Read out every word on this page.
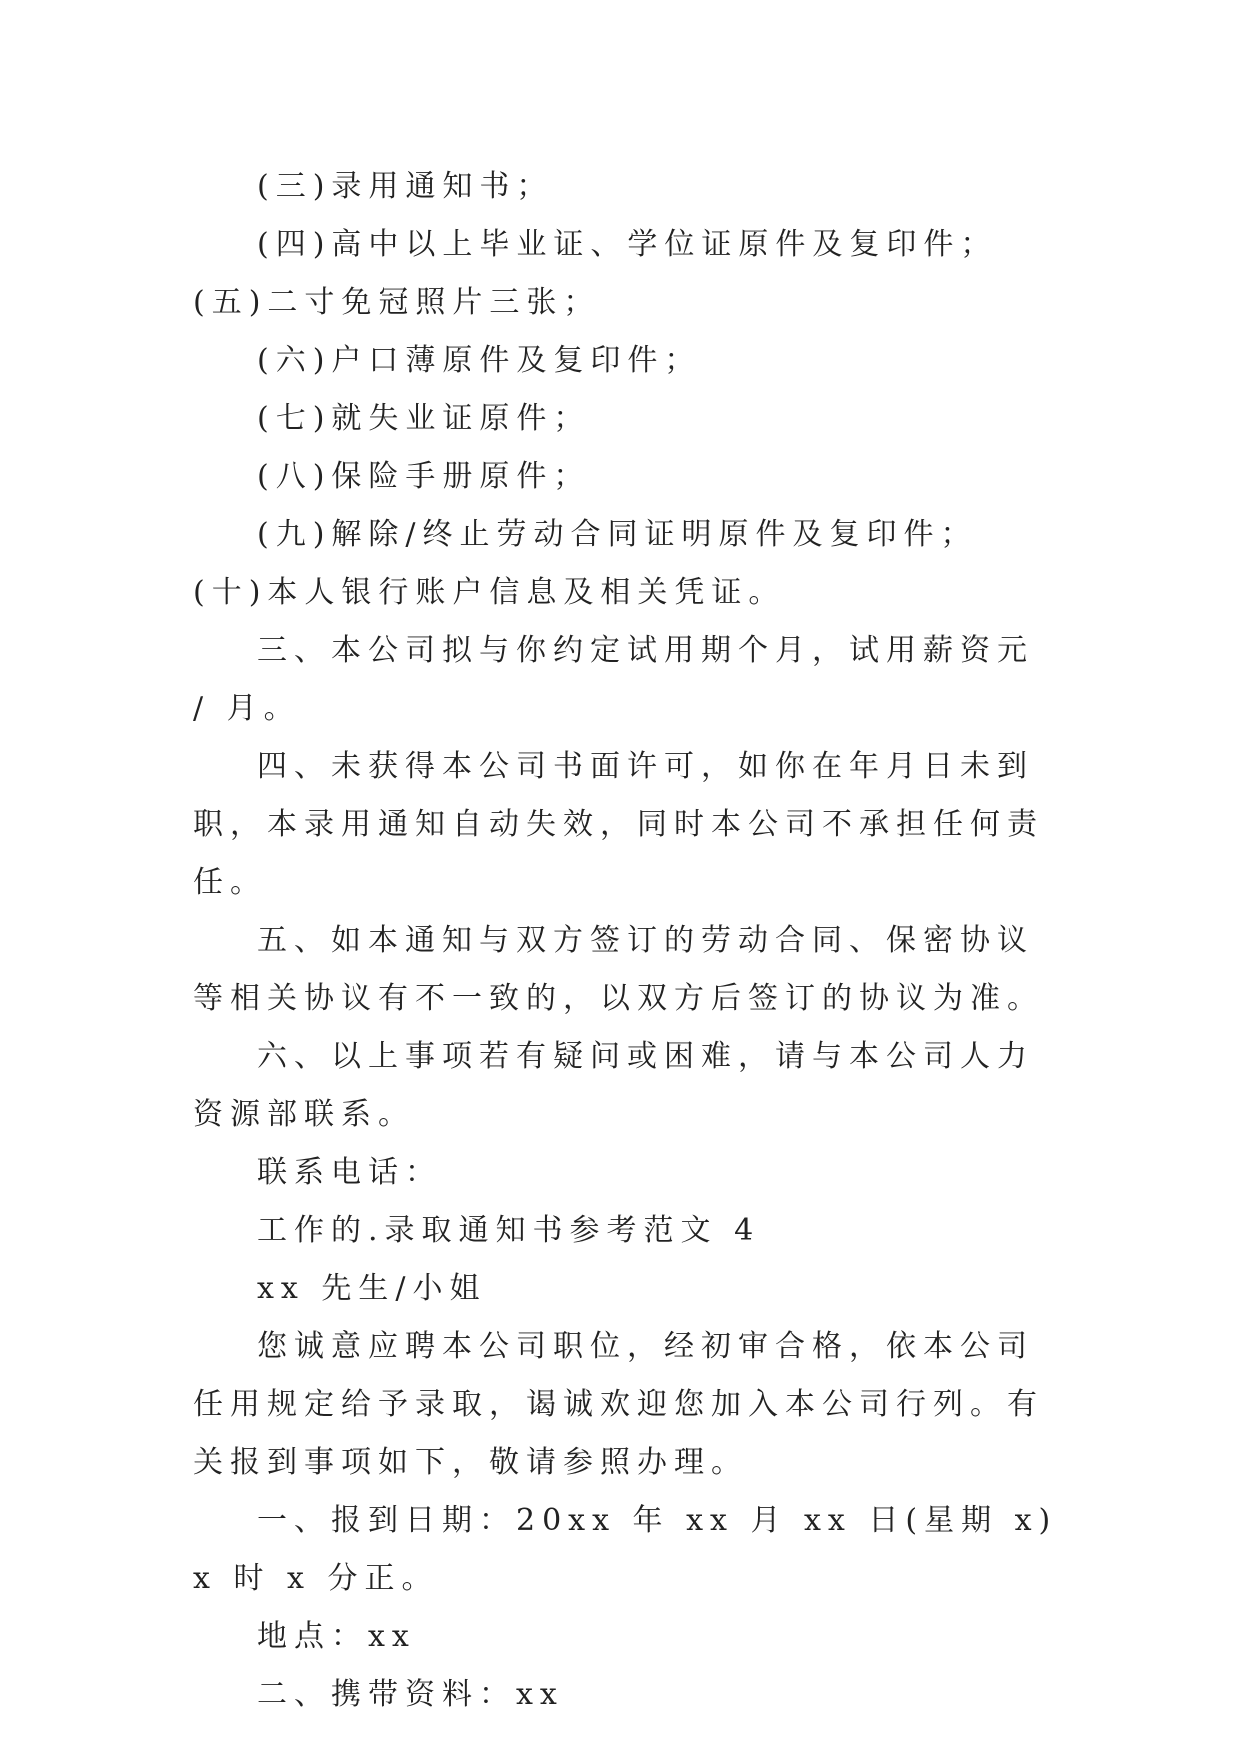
(三)录用通知书；

(四)高中以上毕业证、学位证原件及复印件； (五)二寸免冠照片三张；

(六)户口薄原件及复印件；

(七)就失业证原件；

(八)保险手册原件；

(九)解除/终止劳动合同证明原件及复印件； (十)本人银行账户信息及相关凭证。

三、本公司拟与你约定试用期个月，试用薪资元 / 月。

四、未获得本公司书面许可，如你在年月日未到职，本录用通知自动失效，同时本公司不承担任何责任。

五、如本通知与双方签订的劳动合同、保密协议等相关协议有不一致的，以双方后签订的协议为准。

六、以上事项若有疑问或困难，请与本公司人力资源部联系。

联系电话：

工作的.录取通知书参考范文 4

xx 先生/小姐

您诚意应聘本公司职位，经初审合格，依本公司任用规定给予录取，谒诚欢迎您加入本公司行列。有关报到事项如下，敬请参照办理。

一、报到日期：20xx 年 xx 月 xx 日(星期 x)x 时 x 分正。

地点：xx

二、携带资料：xx
